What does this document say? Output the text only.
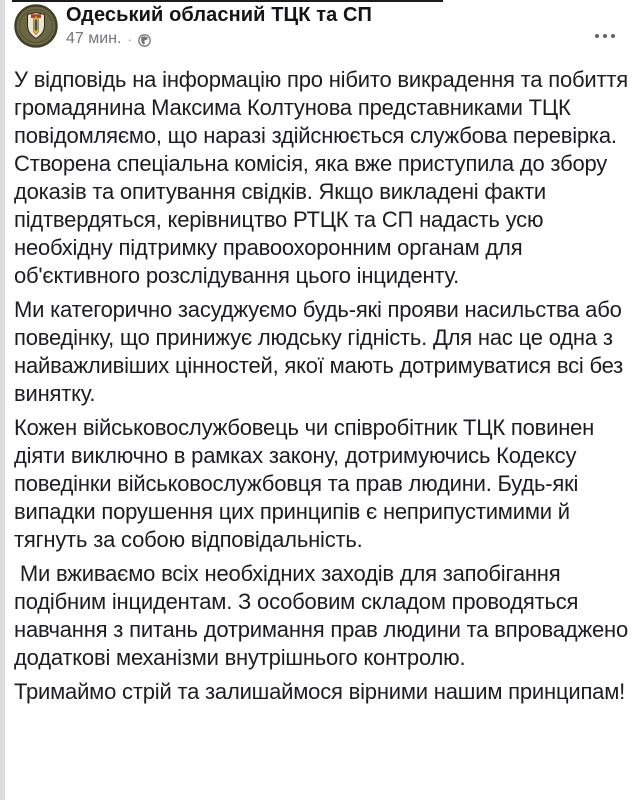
Одеський обласний ТЦК та СП
47 мин. ·

У відповідь на інформацію про нібито викрадення та побиття громадянина Максима Колтунова представниками ТЦК повідомляємо, що наразі здійснюється службова перевірка. Створена спеціальна комісія, яка вже приступила до збору доказів та опитування свідків. Якщо викладені факти підтвердяться, керівництво РТЦК та СП надасть усю необхідну підтримку правоохоронним органам для об'єктивного розслідування цього інциденту.

Ми категорично засуджуємо будь-які прояви насильства або поведінку, що принижує людську гідність. Для нас це одна з найважливіших цінностей, якої мають дотримуватися всі без винятку.

Кожен військовослужбовець чи співробітник ТЦК повинен діяти виключно в рамках закону, дотримуючись Кодексу поведінки військовослужбовця та прав людини. Будь-які випадки порушення цих принципів є неприпустимими й тягнуть за собою відповідальність.

Ми вживаємо всіх необхідних заходів для запобігання подібним інцидентам. З особовим складом проводяться навчання з питань дотримання прав людини та впроваджено додаткові механізми внутрішнього контролю.

Тримаймо стрій та залишаймося вірними нашим принципам!
